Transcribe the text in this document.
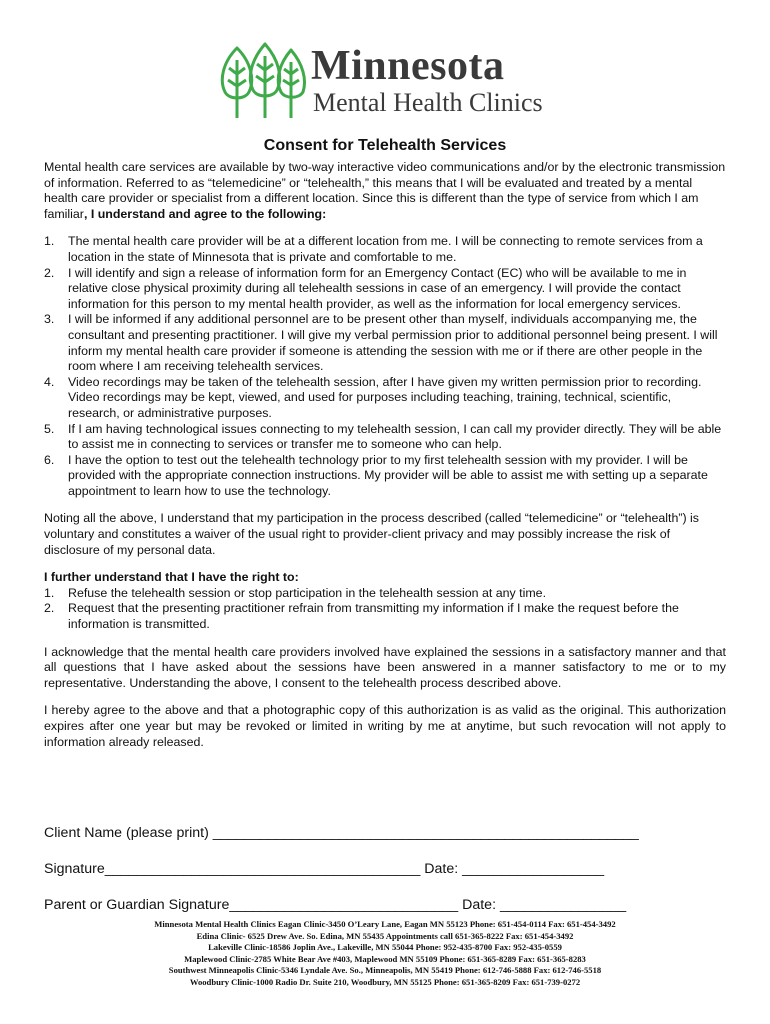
Minnesota
Mental Health Clinics
Consent for Telehealth Services

Mental health care services are available by two-way interactive video communications and/or by the electronic transmission of information. Referred to as “telemedicine” or “telehealth,” this means that I will be evaluated and treated by a mental health care provider or specialist from a different location. Since this is different than the type of service from which I am familiar, I understand and agree to the following:

1. The mental health care provider will be at a different location from me. I will be connecting to remote services from a location in the state of Minnesota that is private and comfortable to me.
2. I will identify and sign a release of information form for an Emergency Contact (EC) who will be available to me in relative close physical proximity during all telehealth sessions in case of an emergency. I will provide the contact information for this person to my mental health provider, as well as the information for local emergency services.
3. I will be informed if any additional personnel are to be present other than myself, individuals accompanying me, the consultant and presenting practitioner. I will give my verbal permission prior to additional personnel being present. I will inform my mental health care provider if someone is attending the session with me or if there are other people in the room where I am receiving telehealth services.
4. Video recordings may be taken of the telehealth session, after I have given my written permission prior to recording. Video recordings may be kept, viewed, and used for purposes including teaching, training, technical, scientific, research, or administrative purposes.
5. If I am having technological issues connecting to my telehealth session, I can call my provider directly. They will be able to assist me in connecting to services or transfer me to someone who can help.
6. I have the option to test out the telehealth technology prior to my first telehealth session with my provider. I will be provided with the appropriate connection instructions. My provider will be able to assist me with setting up a separate appointment to learn how to use the technology.

Noting all the above, I understand that my participation in the process described (called “telemedicine” or “telehealth”) is voluntary and constitutes a waiver of the usual right to provider-client privacy and may possibly increase the risk of disclosure of my personal data.

I further understand that I have the right to:

1. Refuse the telehealth session or stop participation in the telehealth session at any time.
2. Request that the presenting practitioner refrain from transmitting my information if I make the request before the information is transmitted.

I acknowledge that the mental health care providers involved have explained the sessions in a satisfactory manner and that all questions that I have asked about the sessions have been answered in a manner satisfactory to me or to my representative. Understanding the above, I consent to the telehealth process described above.

I hereby agree to the above and that a photographic copy of this authorization is as valid as the original. This authorization expires after one year but may be revoked or limited in writing by me at anytime, but such revocation will not apply to information already released.

Client Name (please print) ______________________________________________________
Signature________________________________________ Date: __________________
Parent or Guardian Signature_____________________________ Date: ________________
Minnesota Mental Health Clinics Eagan Clinic-3450 O’Leary Lane, Eagan MN 55123 Phone: 651-454-0114 Fax: 651-454-3492
Edina Clinic- 6525 Drew Ave. So. Edina, MN 55435 Appointments call 651-365-8222 Fax: 651-454-3492
Lakeville Clinic-18586 Joplin Ave., Lakeville, MN 55044 Phone: 952-435-8700 Fax: 952-435-0559
Maplewood Clinic-2785 White Bear Ave #403, Maplewood MN 55109 Phone: 651-365-8289 Fax: 651-365-8283
Southwest Minneapolis Clinic-5346 Lyndale Ave. So., Minneapolis, MN 55419 Phone: 612-746-5888 Fax: 612-746-5518
Woodbury Clinic-1000 Radio Dr. Suite 210, Woodbury, MN 55125 Phone: 651-365-8209 Fax: 651-739-0272
